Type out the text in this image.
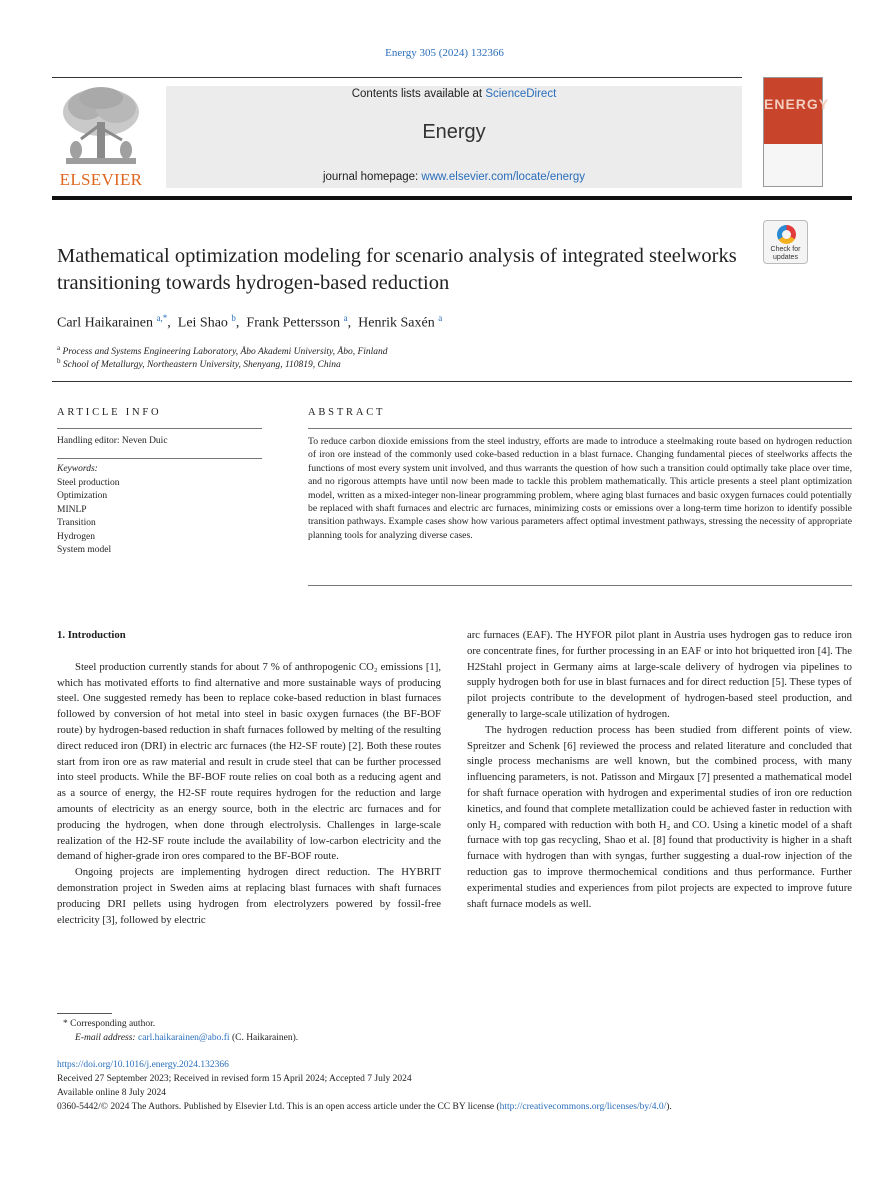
Energy 305 (2024) 132366
ELSEVIER
Contents lists available at ScienceDirect
Energy
journal homepage: www.elsevier.com/locate/energy
ENERGY
Check for updates
Mathematical optimization modeling for scenario analysis of integrated steelworks transitioning towards hydrogen-based reduction
Carl Haikarainen $^{a,*}$,  Lei Shao $^b$,  Frank Pettersson $^a$,  Henrik Saxén $^a$
$^a$ Process and Systems Engineering Laboratory, Åbo Akademi University, Åbo, Finland
$^b$ School of Metallurgy, Northeastern University, Shenyang, 110819, China
ARTICLE INFO	ABSTRACT
Handling editor: Neven Duic
Keywords:
Steel production
Optimization
MINLP
Transition
Hydrogen
System model

To reduce carbon dioxide emissions from the steel industry, efforts are made to introduce a steelmaking route based on hydrogen reduction of iron ore instead of the commonly used coke-based reduction in a blast furnace. Changing fundamental pieces of steelworks affects the functions of most every system unit involved, and thus warrants the question of how such a transition could optimally take place over time, and no rigorous attempts have until now been made to tackle this problem mathematically. This article presents a steel plant optimization model, written as a mixed-integer non-linear programming problem, where aging blast furnaces and basic oxygen furnaces could potentially be replaced with shaft furnaces and electric arc furnaces, minimizing costs or emissions over a long-term time horizon to identify possible transition pathways. Example cases show how various parameters affect optimal investment pathways, stressing the necessity of appropriate planning tools for analyzing diverse cases.

1. Introduction

Steel production currently stands for about 7 % of anthropogenic CO₂ emissions [1], which has motivated efforts to find alternative and more sustainable ways of producing steel. One suggested remedy has been to replace coke-based reduction in blast furnaces followed by conversion of hot metal into steel in basic oxygen furnaces (the BF-BOF route) by hydrogen-based reduction in shaft furnaces followed by melting of the resulting direct reduced iron (DRI) in electric arc furnaces (the H2-SF route) [2]. Both these routes start from iron ore as raw material and result in crude steel that can be further processed into steel products. While the BF-BOF route relies on coal both as a reducing agent and as a source of energy, the H2-SF route requires hydrogen for the reduction and large amounts of electricity as an energy source, both in the electric arc furnaces and for producing the hydrogen, when done through electrolysis. Challenges in large-scale realization of the H2-SF route include the availability of low-carbon electricity and the demand of higher-grade iron ores compared to the BF-BOF route.

Ongoing projects are implementing hydrogen direct reduction. The HYBRIT demonstration project in Sweden aims at replacing blast furnaces with shaft furnaces producing DRI pellets using hydrogen from electrolyzers powered by fossil-free electricity [3], followed by electric

arc furnaces (EAF). The HYFOR pilot plant in Austria uses hydrogen gas to reduce iron ore concentrate fines, for further processing in an EAF or into hot briquetted iron [4]. The H2Stahl project in Germany aims at large-scale delivery of hydrogen via pipelines to supply hydrogen both for use in blast furnaces and for direct reduction [5]. These types of pilot projects contribute to the development of hydrogen-based steel production, and generally to large-scale utilization of hydrogen.

The hydrogen reduction process has been studied from different points of view. Spreitzer and Schenk [6] reviewed the process and related literature and concluded that single process mechanisms are well known, but the combined process, with many influencing parameters, is not. Patisson and Mirgaux [7] presented a mathematical model for shaft furnace operation with hydrogen and experimental studies of iron ore reduction kinetics, and found that complete metallization could be achieved faster in reduction with only H₂ compared with reduction with both H₂ and CO. Using a kinetic model of a shaft furnace with top gas recycling, Shao et al. [8] found that productivity is higher in a shaft furnace with hydrogen than with syngas, further suggesting a dual-row injection of the reduction gas to improve thermochemical conditions and thus performance. Further experimental studies and experiences from pilot projects are expected to improve future shaft furnace models as well.

* Corresponding author.
E-mail address: carl.haikarainen@abo.fi (C. Haikarainen).
https://doi.org/10.1016/j.energy.2024.132366
Received 27 September 2023; Received in revised form 15 April 2024; Accepted 7 July 2024
Available online 8 July 2024
0360-5442/© 2024 The Authors. Published by Elsevier Ltd. This is an open access article under the CC BY license (http://creativecommons.org/licenses/by/4.0/).
